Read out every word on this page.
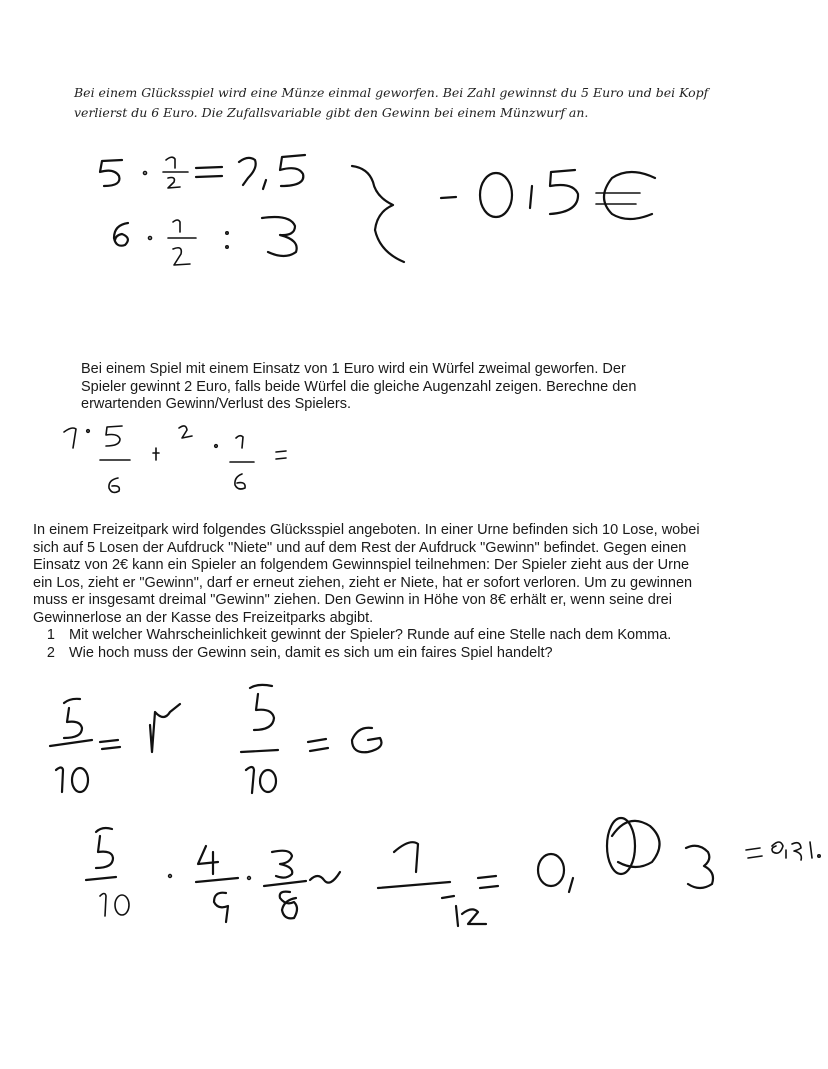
Bei einem Glücksspiel wird eine Münze einmal geworfen. Bei Zahl gewinnst du 5 Euro und bei Kopf
verlierst du 6 Euro. Die Zufallsvariable gibt den Gewinn bei einem Münzwurf an.
Bei einem Spiel mit einem Einsatz von 1 Euro wird ein Würfel zweimal geworfen. Der
Spieler gewinnt 2 Euro, falls beide Würfel die gleiche Augenzahl zeigen. Berechne den
erwartenden Gewinn/Verlust des Spielers.
In einem Freizeitpark wird folgendes Glücksspiel angeboten. In einer Urne befinden sich 10 Lose, wobei
sich auf 5 Losen der Aufdruck "Niete" und auf dem Rest der Aufdruck "Gewinn" befindet. Gegen einen
Einsatz von 2€ kann ein Spieler an folgendem Gewinnspiel teilnehmen: Der Spieler zieht aus der Urne
ein Los, zieht er "Gewinn", darf er erneut ziehen, zieht er Niete, hat er sofort verloren. Um zu gewinnen
muss er insgesamt dreimal "Gewinn" ziehen. Den Gewinn in Höhe von 8€ erhält er, wenn seine drei
Gewinnerlose an der Kasse des Freizeitparks abgibt.
1 Mit welcher Wahrscheinlichkeit gewinnt der Spieler? Runde auf eine Stelle nach dem Komma.
2 Wie hoch muss der Gewinn sein, damit es sich um ein faires Spiel handelt?
